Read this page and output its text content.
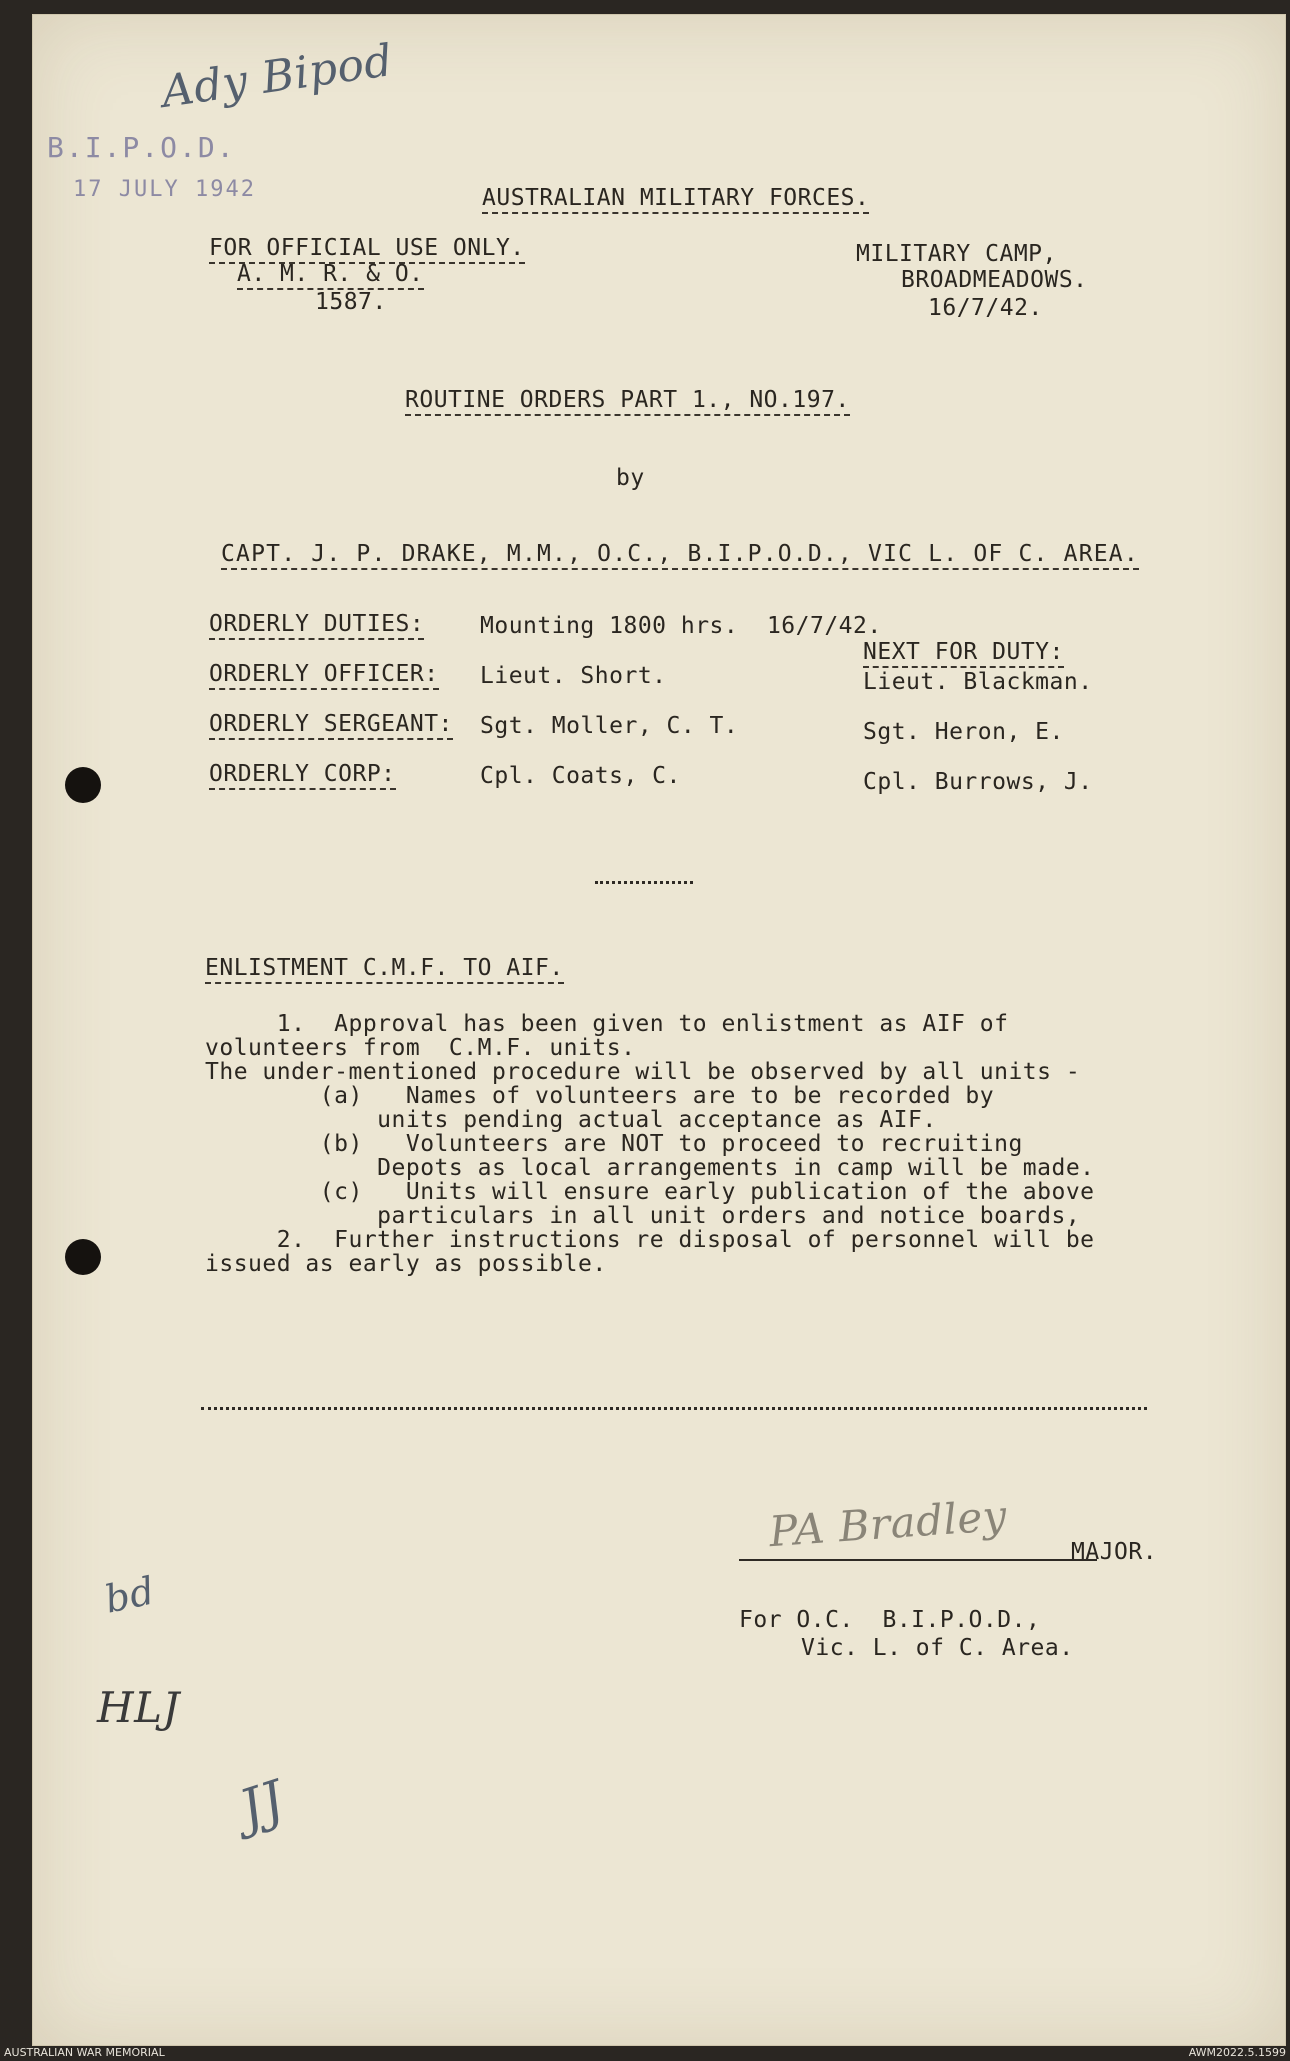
Ady Bipod
B.I.P.O.D.
17 JULY 1942	AUSTRALIAN MILITARY FORCES.
FOR OFFICIAL USE ONLY.
A. M. R. & O.
1587.
MILITARY CAMP,
BROADMEADOWS.
16/7/42.
ROUTINE ORDERS PART 1., NO.197.
by
CAPT. J. P. DRAKE, M.M., O.C., B.I.P.O.D., VIC L. OF C. AREA.
ORDERLY DUTIES: Mounting 1800 hrs.  16/7/42.
NEXT FOR DUTY:
ORDERLY OFFICER: Lieut. Short.	Lieut. Blackman.
ORDERLY SERGEANT: Sgt. Moller, C. T.	Sgt. Heron, E.
ORDERLY CORP:	Cpl. Coats, C.	Cpl. Burrows, J.
ENLISTMENT C.M.F. TO AIF.
1.  Approval has been given to enlistment as AIF of
volunteers from  C.M.F. units.
The under-mentioned procedure will be observed by all units -
(a)   Names of volunteers are to be recorded by
units pending actual acceptance as AIF.
(b)   Volunteers are NOT to proceed to recruiting
Depots as local arrangements in camp will be made.
(c)   Units will ensure early publication of the above
particulars in all unit orders and notice boards,
2.  Further instructions re disposal of personnel will be
issued as early as possible.
PA Bradley	MAJOR.
For O.C.  B.I.P.O.D.,
Vic. L. of C. Area.
bd
HLJ
JJ
AUSTRALIAN WAR MEMORIAL	AWM2022.5.1599
